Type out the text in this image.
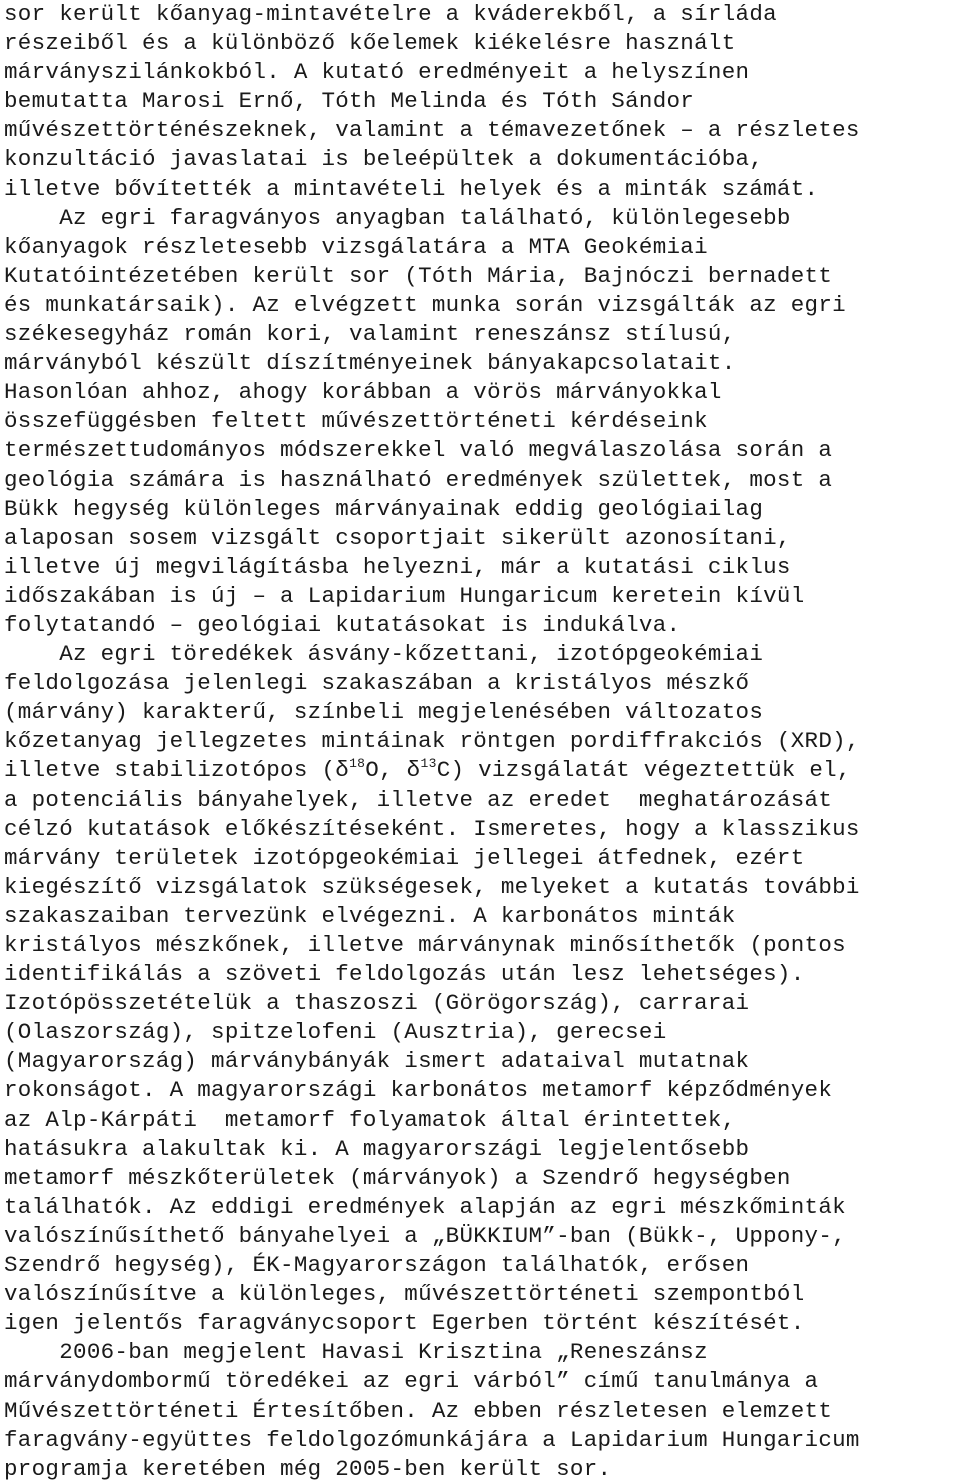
sor került kőanyag-mintavételre a kváderekből, a sírláda
részeiből és a különböző kőelemek kiékelésre használt
márványszilánkokból. A kutató eredményeit a helyszínen
bemutatta Marosi Ernő, Tóth Melinda és Tóth Sándor
művészettörténészeknek, valamint a témavezetőnek – a részletes
konzultáció javaslatai is beleépültek a dokumentációba,
illetve bővítették a mintavételi helyek és a minták számát.
Az egri faragványos anyagban található, különlegesebb
kőanyagok részletesebb vizsgálatára a MTA Geokémiai
Kutatóintézetében került sor (Tóth Mária, Bajnóczi bernadett
és munkatársaik). Az elvégzett munka során vizsgálták az egri
székesegyház román kori, valamint reneszánsz stílusú,
márványból készült díszítményeinek bányakapcsolatait.
Hasonlóan ahhoz, ahogy korábban a vörös márványokkal
összefüggésben feltett művészettörténeti kérdéseink
természettudományos módszerekkel való megválaszolása során a
geológia számára is használható eredmények születtek, most a
Bükk hegység különleges márványainak eddig geológiailag
alaposan sosem vizsgált csoportjait sikerült azonosítani,
illetve új megvilágításba helyezni, már a kutatási ciklus
időszakában is új – a Lapidarium Hungaricum keretein kívül
folytatandó – geológiai kutatásokat is indukálva.
Az egri töredékek ásvány-kőzettani, izotópgeokémiai
feldolgozása jelenlegi szakaszában a kristályos mészkő
(márvány) karakterű, színbeli megjelenésében változatos
kőzetanyag jellegzetes mintáinak röntgen pordiffrakciós (XRD),
illetve stabilizotópos ($\delta^{18}O$, $\delta^{13}C$) vizsgálatát végeztettük el,
a potenciális bányahelyek, illetve az eredet  meghatározását
célzó kutatások előkészítéseként. Ismeretes, hogy a klasszikus
márvány területek izotópgeokémiai jellegei átfednek, ezért
kiegészítő vizsgálatok szükségesek, melyeket a kutatás további
szakaszaiban tervezünk elvégezni. A karbonátos minták
kristályos mészkőnek, illetve márványnak minősíthetők (pontos
identifikálás a szöveti feldolgozás után lesz lehetséges).
Izotópösszetételük a thaszoszi (Görögország), carrarai
(Olaszország), spitzelofeni (Ausztria), gerecsei
(Magyarország) márványbányák ismert adataival mutatnak
rokonságot. A magyarországi karbonátos metamorf képződmények
az Alp-Kárpáti  metamorf folyamatok által érintettek,
hatásukra alakultak ki. A magyarországi legjelentősebb
metamorf mészkőterületek (márványok) a Szendrő hegységben
találhatók. Az eddigi eredmények alapján az egri mészkőminták
valószínűsíthető bányahelyei a „BÜKKIUM”-ban (Bükk-, Uppony-,
Szendrő hegység), ÉK-Magyarországon találhatók, erősen
valószínűsítve a különleges, művészettörténeti szempontból
igen jelentős faragványcsoport Egerben történt készítését.
2006-ban megjelent Havasi Krisztina „Reneszánsz
márványdombormű töredékei az egri várból” című tanulmánya a
Művészettörténeti Értesítőben. Az ebben részletesen elemzett
faragvány-együttes feldolgozómunkájára a Lapidarium Hungaricum
programja keretében még 2005-ben került sor.
